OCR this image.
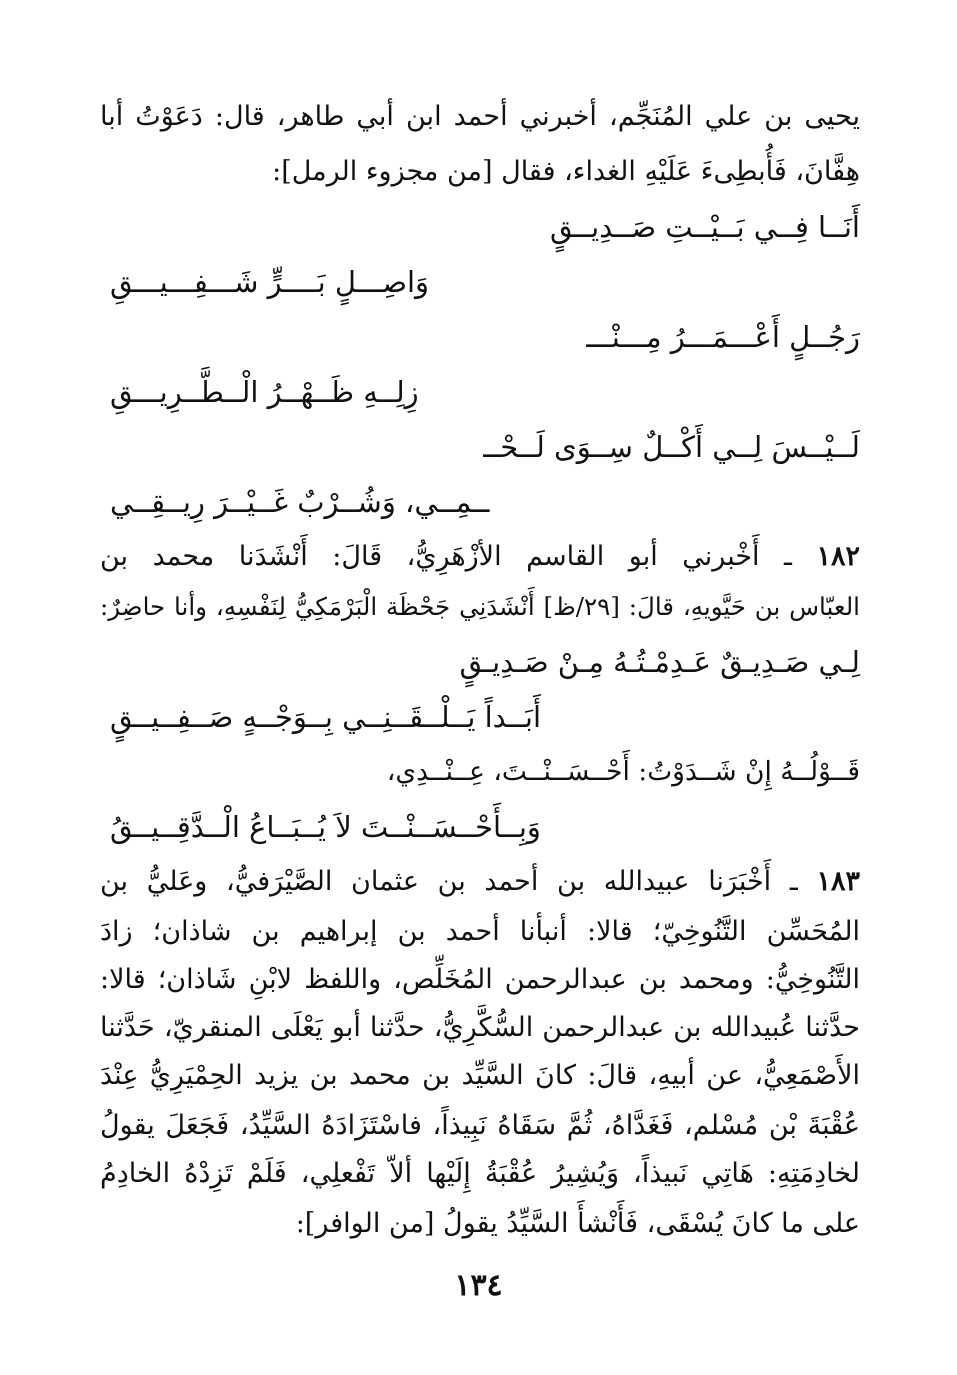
يحيى بن علي المُنَجِّم، أخبرني أحمد ابن أبي طاهر، قال: دَعَوْتُ أبا
هِفَّانَ، فَأُبطِىءَ عَلَيْهِ الغداء، فقال [من مجزوء الرمل]:
أَنَــا فِــي بَــيْــتِ صَــدِيــقٍ
وَاصِـــلٍ بَــــرٍّ شَـــفِـــيـــقِ
رَجُــلٍ أَعْـــمَـــرُ مِـــنْـــ
زِلِــهِ ظَــهْــرُ الْــطَّــرِيـــقِ
لَــيْــسَ لِــي أَكْــلٌ سِــوَى لَــحْــ
ــمِــي، وَشُــرْبٌ غَــيْــرَ رِيــقِــي
١٨٢ ـ أَخْبرني أبو القاسم الأزْهَرِيُّ، قَالَ: أَنْشَدَنا محمد بن
العبّاس بن حَيَّويهِ، قالَ: [٢٩/ظ] أَنْشَدَنِي جَحْظَة الْبَرْمَكِيُّ لِنَفْسِهِ، وأنا حاضِرٌ:
لِـي صَـدِيـقٌ عَـدِمْـتُـهُ مِـنْ صَـدِيـقٍ
أَبَــداً يَــلْــقَــنِــي بِــوَجْــهٍ صَــفِــيــقٍ
قَــوْلُــهُ إِنْ شَــدَوْتُ: أَحْــسَــنْــتَ، عِــنْــدِي،
وَبِــأَحْــسَــنْــتَ لاَ يُــبَــاعُ الْــدَّقِــيــقُ
١٨٣ ـ أَخْبَرَنا عبيدالله بن أحمد بن عثمان الصَّيْرَفيُّ، وعَليُّ بن
المُحَسِّن التَّنُوخِيّ؛ قالا: أنبأنا أحمد بن إبراهيم بن شاذان؛ زادَ
التَّنُوخِيُّ: ومحمد بن عبدالرحمن المُخَلِّص، واللفظ لابْنِ شَاذان؛ قالا:
حدَّثنا عُبيدالله بن عبدالرحمن السُّكَّرِيُّ، حدَّثنا أبو يَعْلَى المنقريّ، حَدَّثنا
الأَصْمَعِيُّ، عن أبيهِ، قالَ: كانَ السَّيِّد بن محمد بن يزيد الحِمْيَرِيُّ عِنْدَ
عُقْبَةَ بْن مُسْلم، فَغَدَّاهُ، ثُمَّ سَقَاهُ نَبِيذاً، فاسْتَزَادَهُ السَّيِّدُ، فَجَعَلَ يقولُ
لخادِمَتِهِ: هَاتِي نَبيذاً، وَيُشِيرُ عُقْبَةُ إِلَيْها ألاّ تَفْعلِي، فَلَمْ تَزِدْهُ الخادِمُ
على ما كانَ يُسْقَى، فَأَنْشأَ السَّيِّدُ يقولُ [من الوافر]:
١٣٤
